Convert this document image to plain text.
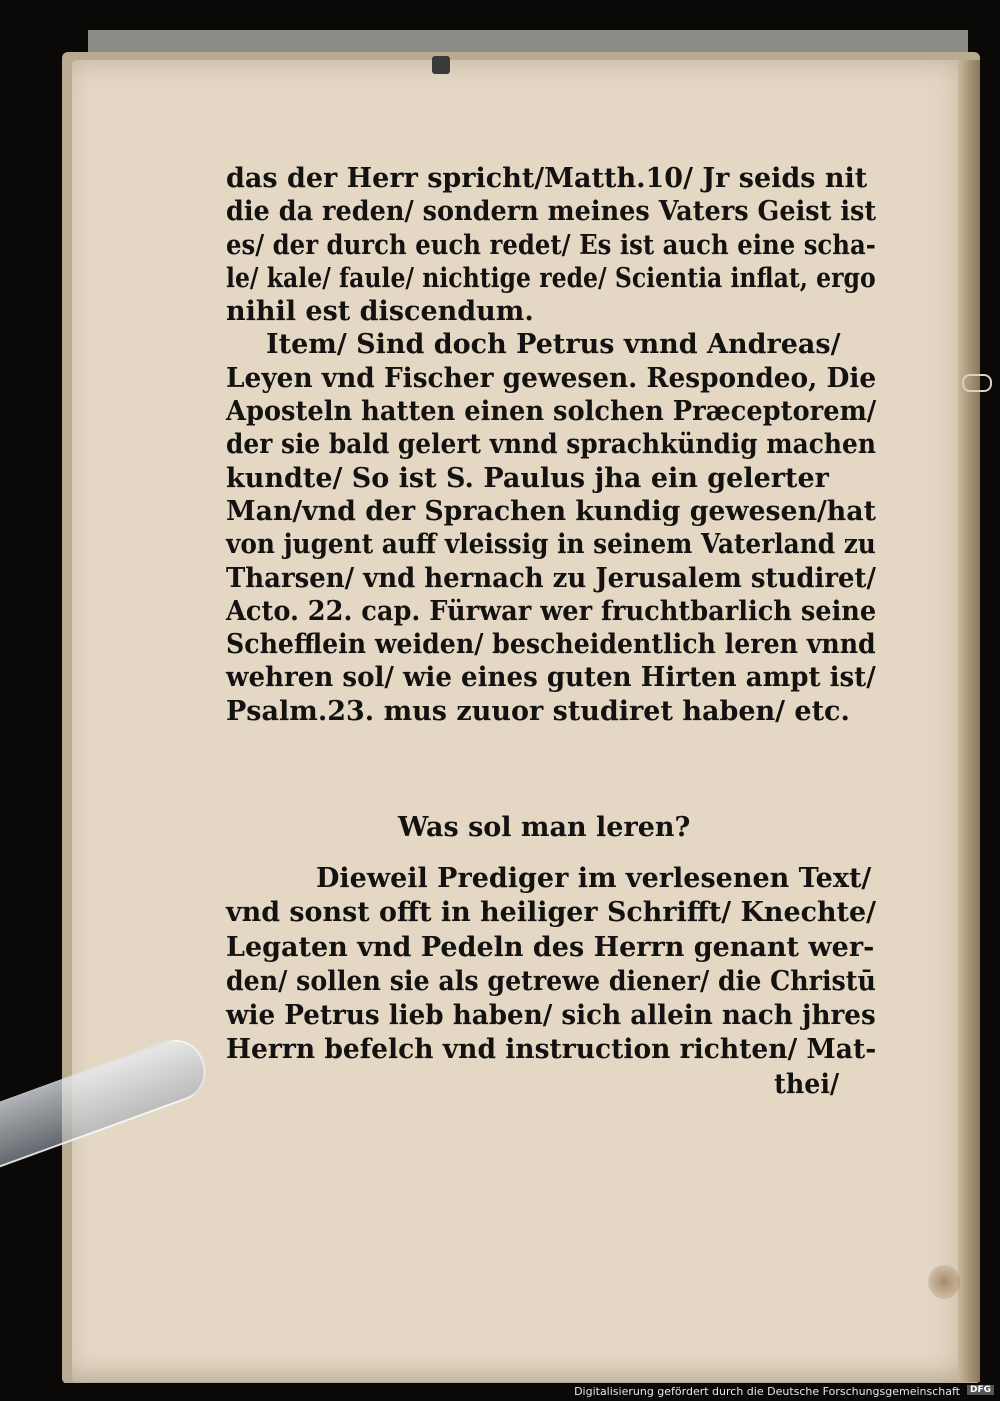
das der Herr spricht/Matth.10/ Jr seids nit
die da reden/ sondern meines Vaters Geist ist
es/ der durch euch redet/ Es ist auch eine scha-
le/ kale/ faule/ nichtige rede/ Scientia inflat, ergo
nihil est discendum.
Item/ Sind doch Petrus vnnd Andreas/
Leyen vnd Fischer gewesen. Respondeo, Die
Aposteln hatten einen solchen Præceptorem/
der sie bald gelert vnnd sprachkündig machen
kundte/ So ist S. Paulus jha ein gelerter
Man/vnd der Sprachen kundig gewesen/hat
von jugent auff vleissig in seinem Vaterland zu
Tharsen/ vnd hernach zu Jerusalem studiret/
Acto. 22. cap. Fürwar wer fruchtbarlich seine
Schefflein weiden/ bescheidentlich leren vnnd
wehren sol/ wie eines guten Hirten ampt ist/
Psalm.23. mus zuuor studiret haben/ etc.
Was sol man leren?
Dieweil Prediger im verlesenen Text/
vnd sonst offt in heiliger Schrifft/ Knechte/
Legaten vnd Pedeln des Herrn genant wer-
den/ sollen sie als getrewe diener/ die Christū
wie Petrus lieb haben/ sich allein nach jhres
Herrn befelch vnd instruction richten/ Mat-
thei/
Digitalisierung gefördert durch die Deutsche Forschungsgemeinschaft	DFG
